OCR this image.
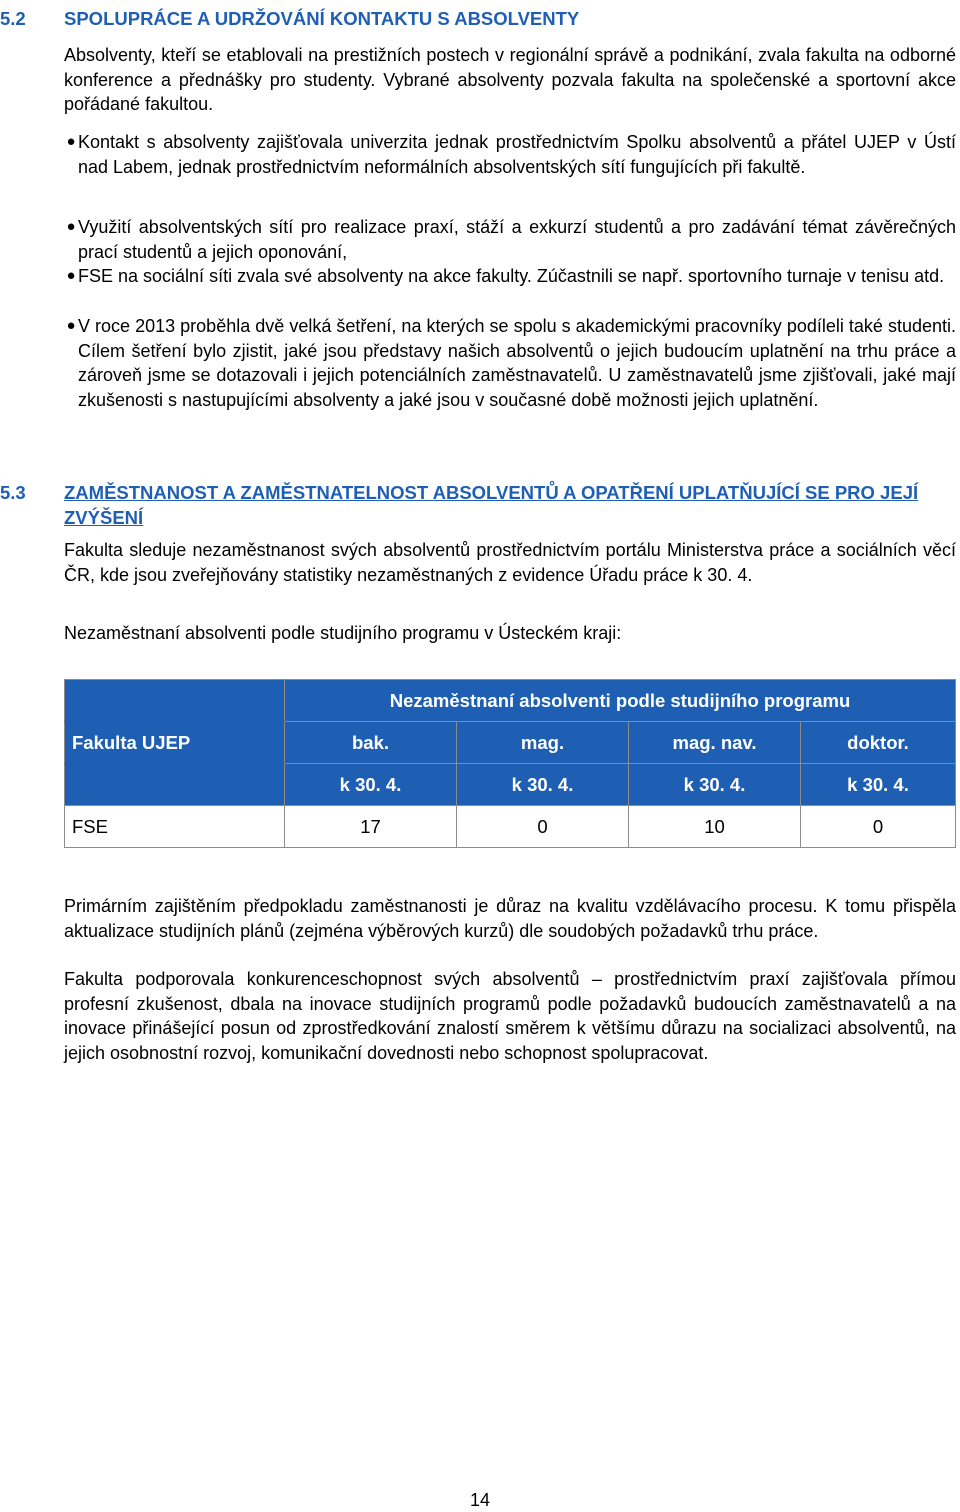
5.2 SPOLUPRÁCE A UDRŽOVÁNÍ KONTAKTU S ABSOLVENTY

Absolventy, kteří se etablovali na prestižních postech v regionální správě a podnikání, zvala fakulta na odborné konference a přednášky pro studenty. Vybrané absolventy pozvala fakulta na společenské a sportovní akce pořádané fakultou.

● Kontakt s absolventy zajišťovala univerzita jednak prostřednictvím Spolku absolventů a přátel UJEP v Ústí nad Labem, jednak prostřednictvím neformálních absolventských sítí fungujících při fakultě.
● Využití absolventských sítí pro realizace praxí, stáží a exkurzí studentů a pro zadávání témat závěrečných prací studentů a jejich oponování,
● FSE na sociální síti zvala své absolventy na akce fakulty. Zúčastnili se např. sportovního turnaje v tenisu atd.
● V roce 2013 proběhla dvě velká šetření, na kterých se spolu s akademickými pracovníky podíleli také studenti. Cílem šetření bylo zjistit, jaké jsou představy našich absolventů o jejich budoucím uplatnění na trhu práce a zároveň jsme se dotazovali i jejich potenciálních zaměstnavatelů. U zaměstnavatelů jsme zjišťovali, jaké mají zkušenosti s nastupujícími absolventy a jaké jsou v současné době možnosti jejich uplatnění.
5.3 ZAMĚSTNANOST A ZAMĚSTNATELNOST ABSOLVENTŮ A OPATŘENÍ UPLATŇUJÍCÍ SE PRO JEJÍ ZVÝŠENÍ

Fakulta sleduje nezaměstnanost svých absolventů prostřednictvím portálu Ministerstva práce a sociálních věcí ČR, kde jsou zveřejňovány statistiky nezaměstnaných z evidence Úřadu práce k 30. 4.

Nezaměstnaní absolventi podle studijního programu v Ústeckém kraji:

	Nezaměstnaní absolventi podle studijního programu			
Fakulta UJEP	bak.	mag.	mag. nav.	doktor.
	k 30. 4.	k 30. 4.	k 30. 4.	k 30. 4.
FSE	17	0	10	0

Primárním zajištěním předpokladu zaměstnanosti je důraz na kvalitu vzdělávacího procesu. K tomu přispěla aktualizace studijních plánů (zejména výběrových kurzů) dle soudobých požadavků trhu práce.

Fakulta podporovala konkurenceschopnost svých absolventů – prostřednictvím praxí zajišťovala přímou profesní zkušenost, dbala na inovace studijních programů podle požadavků budoucích zaměstnavatelů a na inovace přinášející posun od zprostředkování znalostí směrem k většímu důrazu na socializaci absolventů, na jejich osobnostní rozvoj, komunikační dovednosti nebo schopnost spolupracovat.

14
